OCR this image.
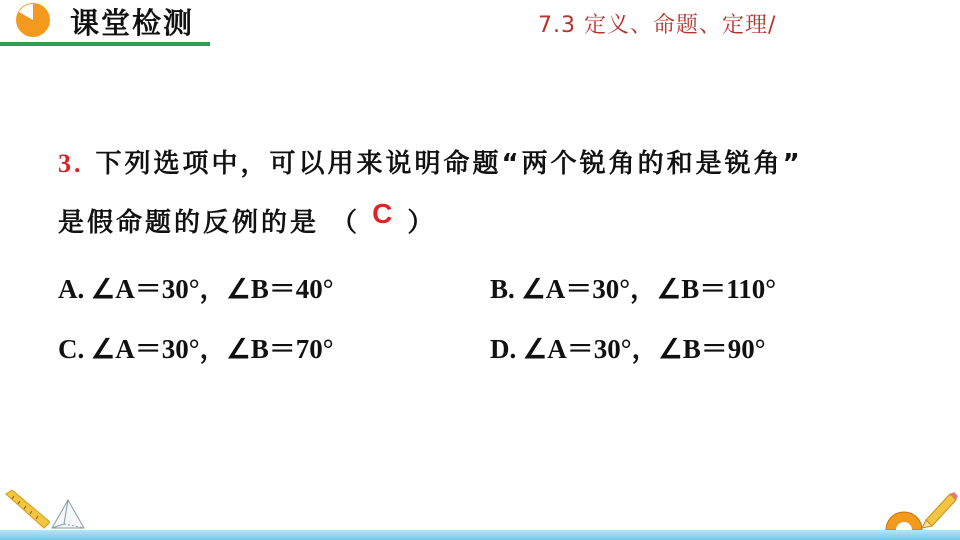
课堂检测	7.3 定义、命题、定理/
3. 下列选项中，可以用来说明命题“两个锐角的和是锐角”
是假命题的反例的是 （ C ）
A. ∠A＝30°，∠B＝40°	B. ∠A＝30°，∠B＝110°
C. ∠A＝30°，∠B＝70°	D. ∠A＝30°，∠B＝90°
